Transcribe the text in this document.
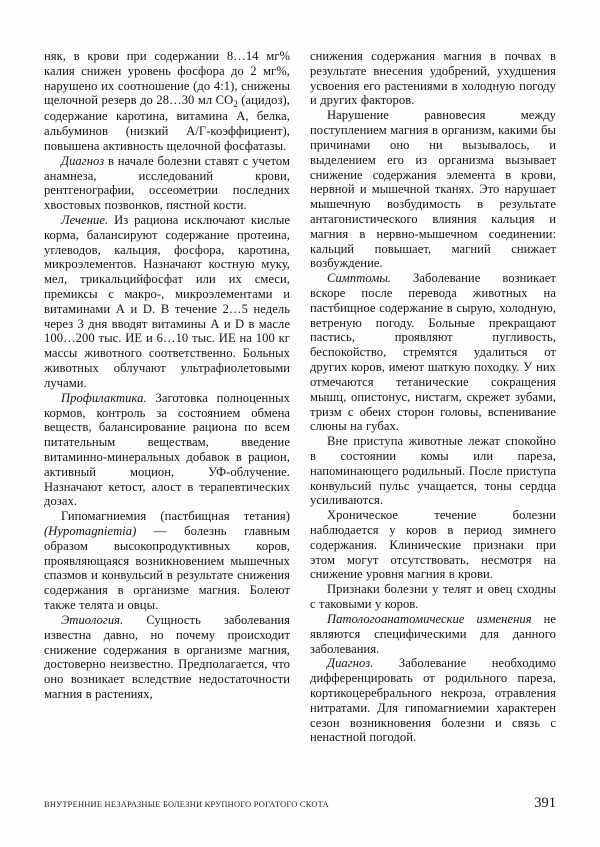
няк, в крови при содержании 8…14 мг% калия снижен уровень фосфора до 2 мг%, нарушено их соотношение (до 4:1), снижены щелочной резерв до 28…30 мл $CO_2$ (ацидоз), содержание каротина, витамина А, белка, альбуминов (низкий А/Г-коэффициент), повышена активность щелочной фосфатазы.

Диагноз в начале болезни ставят с учетом анамнеза, исследований крови, рентгенографии, оссеометрии последних хвостовых позвонков, пястной кости.

Лечение. Из рациона исключают кислые корма, балансируют содержание протеина, углеводов, кальция, фосфора, каротина, микроэлементов. Назначают костную муку, мел, трикальцийфосфат или их смеси, премиксы с макро-, микроэлементами и витаминами А и D. В течение 2…5 недель через 3 дня вводят витамины А и D в масле 100…200 тыс. ИЕ и 6…10 тыс. ИЕ на 100 кг массы животного соответственно. Больных животных облучают ультрафиолетовыми лучами.

Профилактика. Заготовка полноценных кормов, контроль за состоянием обмена веществ, балансирование рациона по всем питательным веществам, введение витаминно-минеральных добавок в рацион, активный моцион, УФ-облучение. Назначают кетост, алост в терапевтических дозах.

Гипомагниемия (пастбищная тетания) (Hypomagniemia) — болезнь главным образом высокопродуктивных коров, проявляющаяся возникновением мышечных спазмов и конвульсий в результате снижения содержания в организме магния. Болеют также телята и овцы.

Этиология. Сущность заболевания известна давно, но почему происходит снижение содержания в организме магния, достоверно неизвестно. Предполагается, что оно возникает вследствие недостаточности магния в растениях,

снижения содержания магния в почвах в результате внесения удобрений, ухудшения усвоения его растениями в холодную погоду и других факторов.

Нарушение равновесия между поступлением магния в организм, какими бы причинами оно ни вызывалось, и выделением его из организма вызывает снижение содержания элемента в крови, нервной и мышечной тканях. Это нарушает мышечную возбудимость в результате антагонистического влияния кальция и магния в нервно-мышечном соединении: кальций повышает, магний снижает возбуждение.

Симптомы. Заболевание возникает вскоре после перевода животных на пастбищное содержание в сырую, холодную, ветреную погоду. Больные прекращают пастись, проявляют пугливость, беспокойство, стремятся удалиться от других коров, имеют шаткую походку. У них отмечаются тетанические сокращения мышц, опистонус, нистагм, скрежет зубами, тризм с обеих сторон головы, вспенивание слюны на губах.

Вне приступа животные лежат спокойно в состоянии комы или пареза, напоминающего родильный. После приступа конвульсий пульс учащается, тоны сердца усиливаются.

Хроническое течение болезни наблюдается у коров в период зимнего содержания. Клинические признаки при этом могут отсутствовать, несмотря на снижение уровня магния в крови.

Признаки болезни у телят и овец сходны с таковыми у коров.

Патологоанатомические изменения не являются специфическими для данного заболевания.

Диагноз. Заболевание необходимо дифференцировать от родильного пареза, кортикоцеребрального некроза, отравления нитратами. Для гипомагниемии характерен сезон возникновения болезни и связь с ненастной погодой.

ВНУТРЕННИЕ НЕЗАРАЗНЫЕ БОЛЕЗНИ КРУПНОГО РОГАТОГО СКОТА	391
